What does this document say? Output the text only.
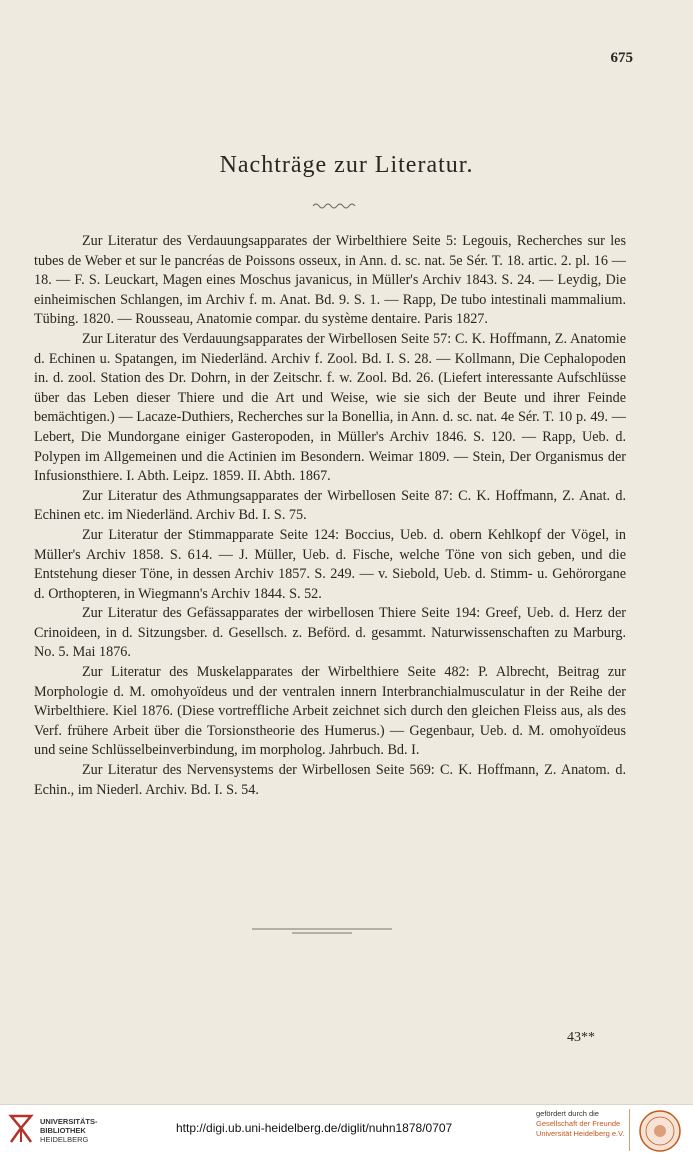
675
Nachträge zur Literatur.

Zur Literatur des Verdauungsapparates der Wirbelthiere Seite 5: Legouis, Recherches sur les tubes de Weber et sur le pancréas de Poissons osseux, in Ann. d. sc. nat. 5e Sér. T. 18. artic. 2. pl. 16 — 18. — F. S. Leuckart, Magen eines Moschus javanicus, in Müller's Archiv 1843. S. 24. — Leydig, Die einheimischen Schlangen, im Archiv f. m. Anat. Bd. 9. S. 1. — Rapp, De tubo intestinali mammalium. Tübing. 1820. — Rousseau, Anatomie compar. du système dentaire. Paris 1827.

Zur Literatur des Verdauungsapparates der Wirbellosen Seite 57: C. K. Hoffmann, Z. Anatomie d. Echinen u. Spatangen, im Niederländ. Archiv f. Zool. Bd. I. S. 28. — Kollmann, Die Cephalopoden in. d. zool. Station des Dr. Dohrn, in der Zeitschr. f. w. Zool. Bd. 26. (Liefert interessante Aufschlüsse über das Leben dieser Thiere und die Art und Weise, wie sie sich der Beute und ihrer Feinde bemächtigen.) — Lacaze-Duthiers, Recherches sur la Bonellia, in Ann. d. sc. nat. 4e Sér. T. 10 p. 49. — Lebert, Die Mundorgane einiger Gasteropoden, in Müller's Archiv 1846. S. 120. — Rapp, Ueb. d. Polypen im Allgemeinen und die Actinien im Besondern. Weimar 1809. — Stein, Der Organismus der Infusionsthiere. I. Abth. Leipz. 1859. II. Abth. 1867.

Zur Literatur des Athmungsapparates der Wirbellosen Seite 87: C. K. Hoffmann, Z. Anat. d. Echinen etc. im Niederländ. Archiv Bd. I. S. 75.

Zur Literatur der Stimmapparate Seite 124: Boccius, Ueb. d. obern Kehlkopf der Vögel, in Müller's Archiv 1858. S. 614. — J. Müller, Ueb. d. Fische, welche Töne von sich geben, und die Entstehung dieser Töne, in dessen Archiv 1857. S. 249. — v. Siebold, Ueb. d. Stimm- u. Gehörorgane d. Orthopteren, in Wiegmann's Archiv 1844. S. 52.

Zur Literatur des Gefässapparates der wirbellosen Thiere Seite 194: Greef, Ueb. d. Herz der Crinoideen, in d. Sitzungsber. d. Gesellsch. z. Beförd. d. gesammt. Naturwissenschaften zu Marburg. No. 5. Mai 1876.

Zur Literatur des Muskelapparates der Wirbelthiere Seite 482: P. Albrecht, Beitrag zur Morphologie d. M. omohyoïdeus und der ventralen innern Interbranchialmusculatur in der Reihe der Wirbelthiere. Kiel 1876. (Diese vortreffliche Arbeit zeichnet sich durch den gleichen Fleiss aus, als des Verf. frühere Arbeit über die Torsionstheorie des Humerus.) — Gegenbaur, Ueb. d. M. omohyoïdeus und seine Schlüsselbeinverbindung, im morpholog. Jahrbuch. Bd. I.

Zur Literatur des Nervensystems der Wirbellosen Seite 569: C. K. Hoffmann, Z. Anatom. d. Echin., im Niederl. Archiv. Bd. I. S. 54.

43**
UNIVERSITÄTS-
BIBLIOTHEK
HEIDELBERG
http://digi.ub.uni-heidelberg.de/diglit/nuhn1878/0707
gefördert durch die
Gesellschaft der Freunde
Universität Heidelberg e.V.
